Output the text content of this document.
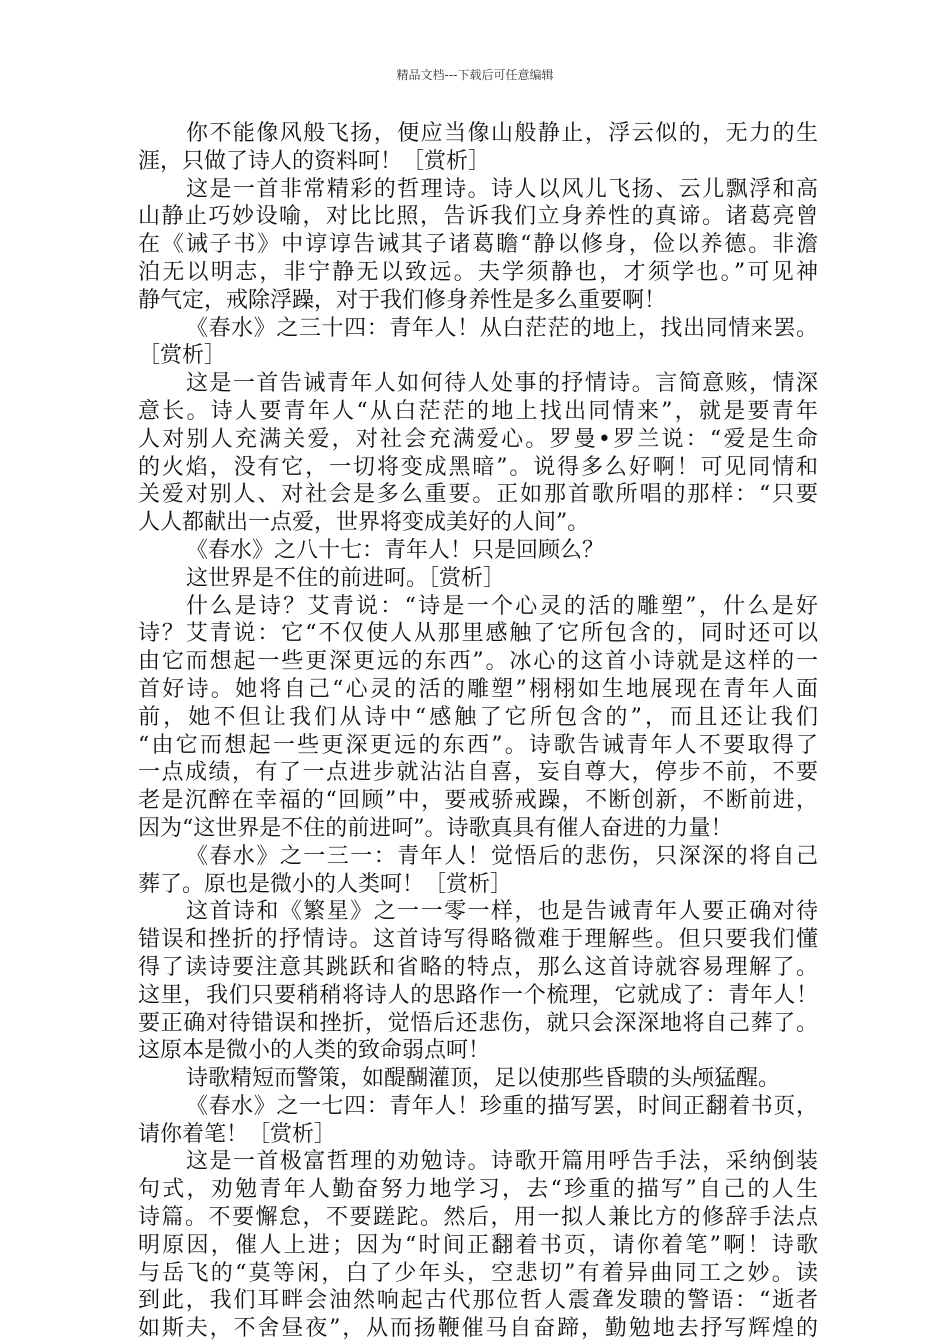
精品文档---下载后可任意编辑
你不能像风般飞扬，便应当像山般静止，浮云似的，无力的生
涯，只做了诗人的资料呵！［赏析］
这是一首非常精彩的哲理诗。诗人以风儿飞扬、云儿飘浮和高
山静止巧妙设喻，对比比照，告诉我们立身养性的真谛。诸葛亮曾
在《诫子书》中谆谆告诫其子诸葛瞻“静以修身，俭以养德。非澹
泊无以明志，非宁静无以致远。夫学须静也，才须学也。”可见神
静气定，戒除浮躁，对于我们修身养性是多么重要啊！
《春水》之三十四：青年人！从白茫茫的地上，找出同情来罢。
［赏析］
这是一首告诫青年人如何待人处事的抒情诗。言简意赅，情深
意长。诗人要青年人“从白茫茫的地上找出同情来”，就是要青年
人对别人充满关爱，对社会充满爱心。罗曼•罗兰说：“爱是生命
的火焰，没有它，一切将变成黑暗”。说得多么好啊！可见同情和
关爱对别人、对社会是多么重要。正如那首歌所唱的那样：“只要
人人都献出一点爱，世界将变成美好的人间”。
《春水》之八十七：青年人！只是回顾么？
这世界是不住的前进呵。［赏析］
什么是诗？艾青说：“诗是一个心灵的活的雕塑”，什么是好
诗？艾青说：它“不仅使人从那里感触了它所包含的，同时还可以
由它而想起一些更深更远的东西”。冰心的这首小诗就是这样的一
首好诗。她将自己“心灵的活的雕塑”栩栩如生地展现在青年人面
前，她不但让我们从诗中“感触了它所包含的”，而且还让我们
“由它而想起一些更深更远的东西”。诗歌告诫青年人不要取得了
一点成绩，有了一点进步就沾沾自喜，妄自尊大，停步不前，不要
老是沉醉在幸福的“回顾”中，要戒骄戒躁，不断创新，不断前进，
因为“这世界是不住的前进呵”。诗歌真具有催人奋进的力量！
《春水》之一三一：青年人！觉悟后的悲伤，只深深的将自己
葬了。原也是微小的人类呵！［赏析］
这首诗和《繁星》之一一零一样，也是告诫青年人要正确对待
错误和挫折的抒情诗。这首诗写得略微难于理解些。但只要我们懂
得了读诗要注意其跳跃和省略的特点，那么这首诗就容易理解了。
这里，我们只要稍稍将诗人的思路作一个梳理，它就成了：青年人！
要正确对待错误和挫折，觉悟后还悲伤，就只会深深地将自己葬了。
这原本是微小的人类的致命弱点呵！
诗歌精短而警策，如醍醐灌顶，足以使那些昏聩的头颅猛醒。
《春水》之一七四：青年人！珍重的描写罢，时间正翻着书页，
请你着笔！［赏析］
这是一首极富哲理的劝勉诗。诗歌开篇用呼告手法，采纳倒装
句式，劝勉青年人勤奋努力地学习，去“珍重的描写”自己的人生
诗篇。不要懈怠，不要蹉跎。然后，用一拟人兼比方的修辞手法点
明原因，催人上进；因为“时间正翻着书页，请你着笔”啊！诗歌
与岳飞的“莫等闲，白了少年头，空悲切”有着异曲同工之妙。读
到此，我们耳畔会油然响起古代那位哲人震聋发聩的警语：“逝者
如斯夫，不舍昼夜”，从而扬鞭催马自奋蹄，勤勉地去抒写辉煌的
